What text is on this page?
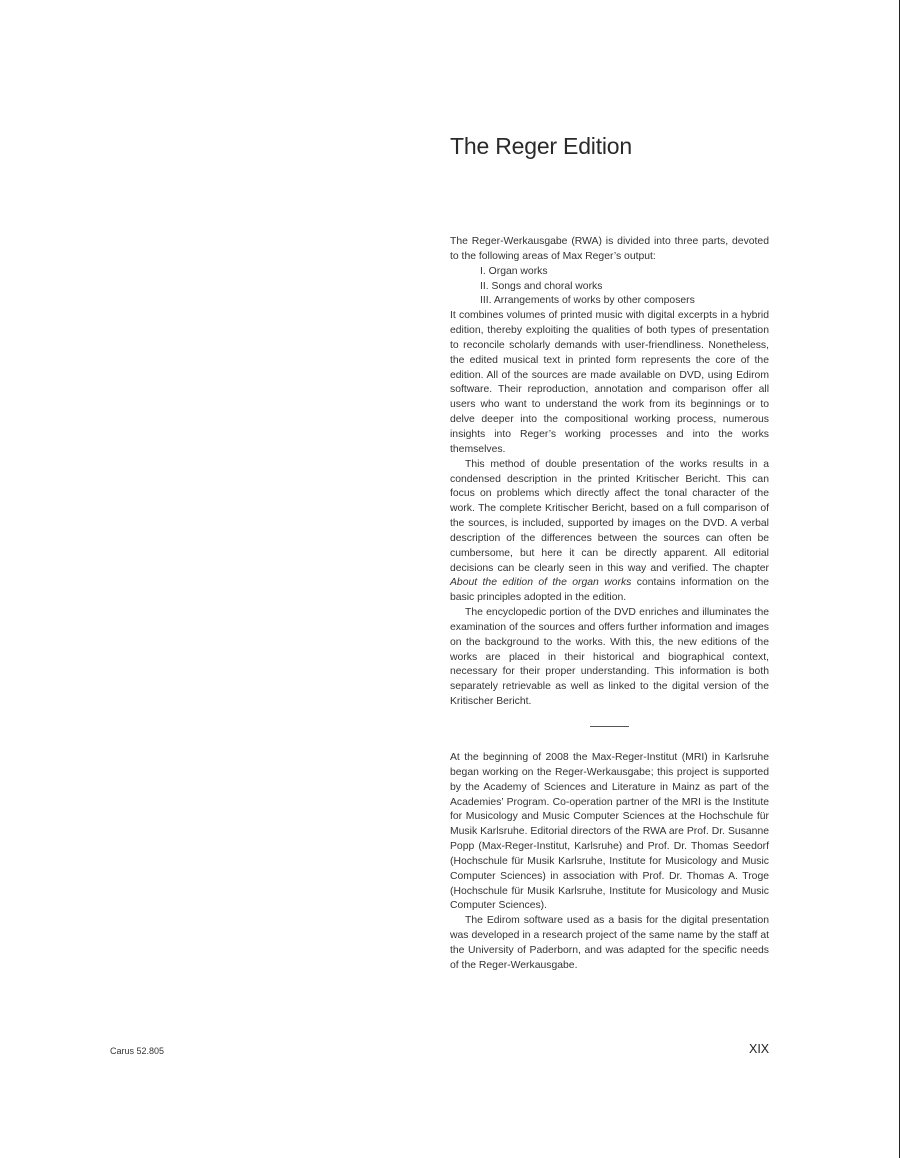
The Reger Edition

The Reger-Werkausgabe (RWA) is divided into three parts, devoted to the following areas of Max Reger’s output:

I. Organ works
II. Songs and choral works
III. Arrangements of works by other composers

It combines volumes of printed music with digital excerpts in a hybrid edition, thereby exploiting the qualities of both types of presentation to reconcile scholarly demands with user-friendliness. Nonetheless, the edited musical text in printed form represents the core of the edition. All of the sources are made available on DVD, using Edirom software. Their reproduction, annotation and comparison offer all users who want to understand the work from its beginnings or to delve deeper into the compositional working process, numerous insights into Reger’s working processes and into the works themselves.

This method of double presentation of the works results in a condensed description in the printed Kritischer Bericht. This can focus on problems which directly affect the tonal character of the work. The complete Kritischer Bericht, based on a full comparison of the sources, is included, supported by images on the DVD. A verbal description of the differences between the sources can often be cumbersome, but here it can be directly apparent. All editorial decisions can be clearly seen in this way and verified. The chapter About the edition of the organ works contains information on the basic principles adopted in the edition.

The encyclopedic portion of the DVD enriches and illuminates the examination of the sources and offers further information and images on the background to the works. With this, the new editions of the works are placed in their historical and biographical context, necessary for their proper understanding. This information is both separately retrievable as well as linked to the digital version of the Kritischer Bericht.

At the beginning of 2008 the Max-Reger-Institut (MRI) in Karlsruhe began working on the Reger-Werkausgabe; this project is supported by the Academy of Sciences and Literature in Mainz as part of the Academies’ Program. Co-operation partner of the MRI is the Institute for Musicology and Music Computer Sciences at the Hochschule für Musik Karlsruhe. Editorial directors of the RWA are Prof. Dr. Susanne Popp (Max-Reger-Institut, Karlsruhe) and Prof. Dr. Thomas Seedorf (Hochschule für Musik Karlsruhe, Institute for Musicology and Music Computer Sciences) in association with Prof. Dr. Thomas A. Troge (Hochschule für Musik Karlsruhe, Institute for Musicology and Music Computer Sciences).

The Edirom software used as a basis for the digital presentation was developed in a research project of the same name by the staff at the University of Paderborn, and was adapted for the specific needs of the Reger-Werkausgabe.

Carus 52.805	XIX
